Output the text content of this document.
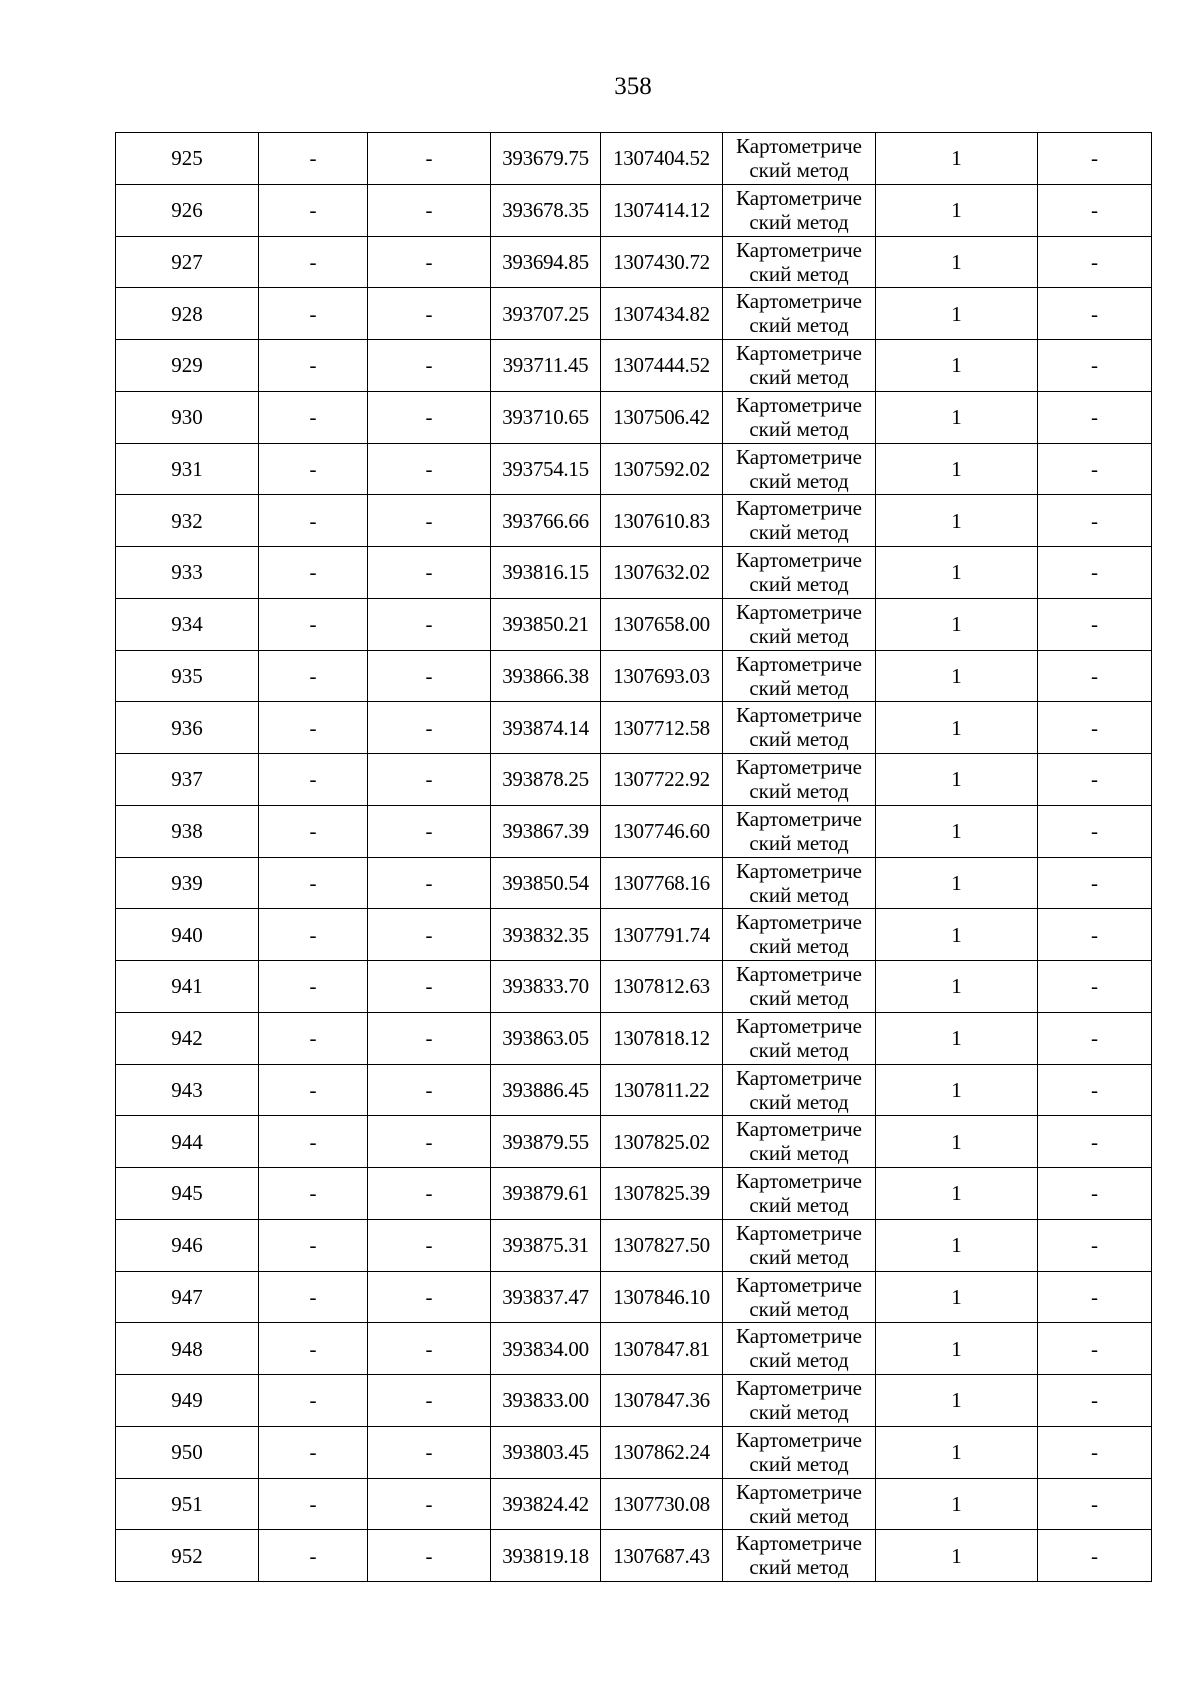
358
925	-	-	393679.75	1307404.52	Картометриче ский метод	1	-
926	-	-	393678.35	1307414.12	Картометриче ский метод	1	-
927	-	-	393694.85	1307430.72	Картометриче ский метод	1	-
928	-	-	393707.25	1307434.82	Картометриче ский метод	1	-
929	-	-	393711.45	1307444.52	Картометриче ский метод	1	-
930	-	-	393710.65	1307506.42	Картометриче ский метод	1	-
931	-	-	393754.15	1307592.02	Картометриче ский метод	1	-
932	-	-	393766.66	1307610.83	Картометриче ский метод	1	-
933	-	-	393816.15	1307632.02	Картометриче ский метод	1	-
934	-	-	393850.21	1307658.00	Картометриче ский метод	1	-
935	-	-	393866.38	1307693.03	Картометриче ский метод	1	-
936	-	-	393874.14	1307712.58	Картометриче ский метод	1	-
937	-	-	393878.25	1307722.92	Картометриче ский метод	1	-
938	-	-	393867.39	1307746.60	Картометриче ский метод	1	-
939	-	-	393850.54	1307768.16	Картометриче ский метод	1	-
940	-	-	393832.35	1307791.74	Картометриче ский метод	1	-
941	-	-	393833.70	1307812.63	Картометриче ский метод	1	-
942	-	-	393863.05	1307818.12	Картометриче ский метод	1	-
943	-	-	393886.45	1307811.22	Картометриче ский метод	1	-
944	-	-	393879.55	1307825.02	Картометриче ский метод	1	-
945	-	-	393879.61	1307825.39	Картометриче ский метод	1	-
946	-	-	393875.31	1307827.50	Картометриче ский метод	1	-
947	-	-	393837.47	1307846.10	Картометриче ский метод	1	-
948	-	-	393834.00	1307847.81	Картометриче ский метод	1	-
949	-	-	393833.00	1307847.36	Картометриче ский метод	1	-
950	-	-	393803.45	1307862.24	Картометриче ский метод	1	-
951	-	-	393824.42	1307730.08	Картометриче ский метод	1	-
952	-	-	393819.18	1307687.43	Картометриче ский метод	1	-
